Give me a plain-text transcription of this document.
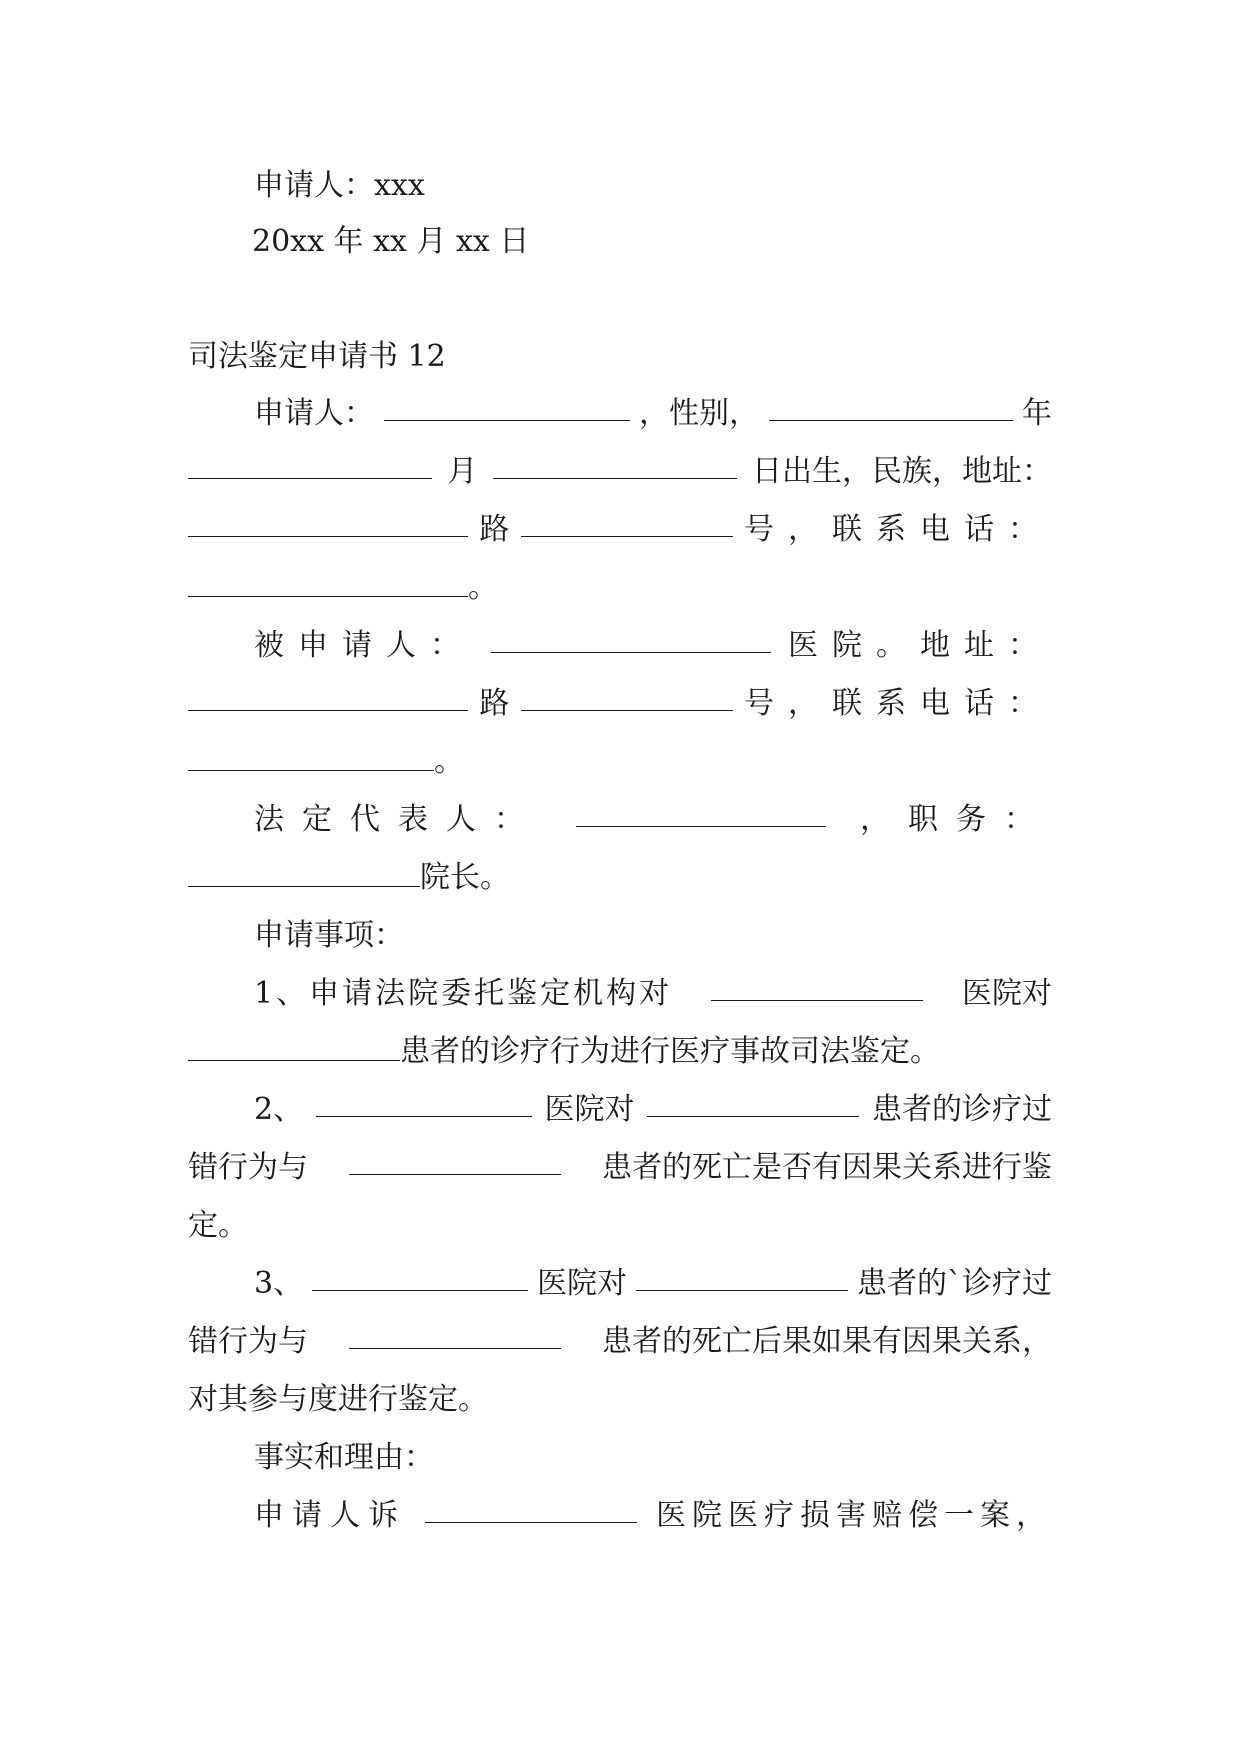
申请人：xxx
20xx 年 xx 月 xx 日
司法鉴定申请书 12
申请人：	，性别，	年
月	日出生，民族，地址：
路	号，联系电话：
。
被申请人：	医院。地址：
路	号，联系电话：
。
法定代表人：	，职务：
院长。
申请事项：
1、申请法院委托鉴定机构对	医院对
患者的诊疗行为进行医疗事故司法鉴定。
2、	医院对	患者的诊疗过
错行为与	患者的死亡是否有因果关系进行鉴
定。
3、	医院对	患者的`诊疗过
错行为与	患者的死亡后果如果有因果关系，
对其参与度进行鉴定。
事实和理由：
申请人诉	医院医疗损害赔偿一案，
